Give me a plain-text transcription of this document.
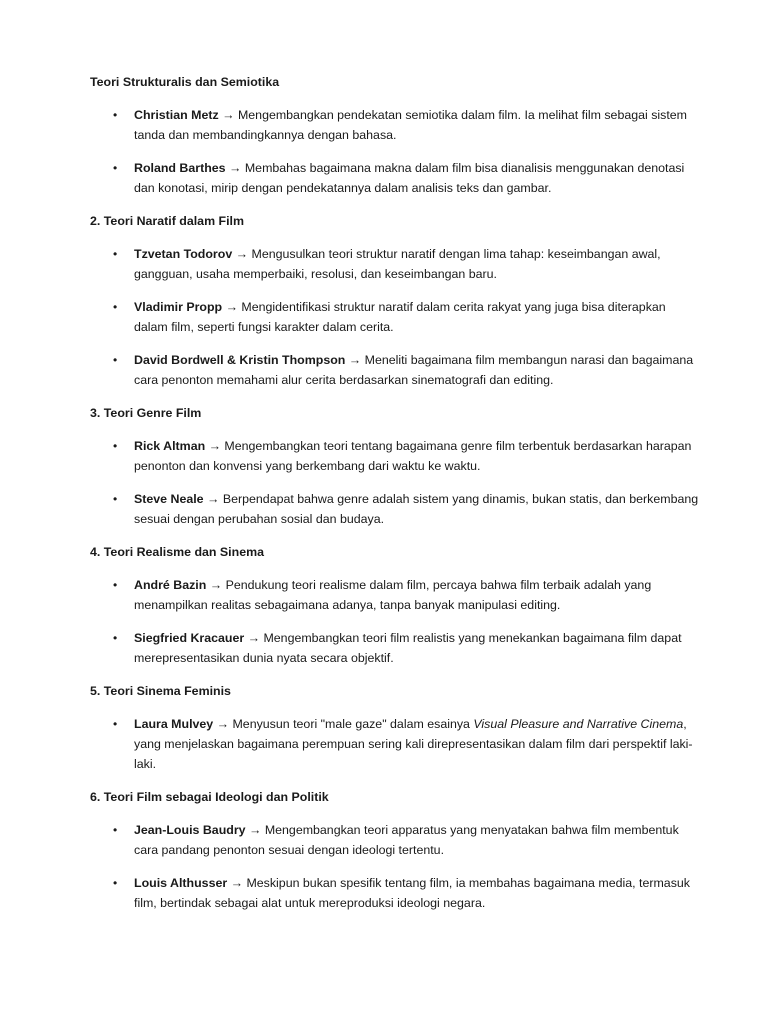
Teori Strukturalis dan Semiotika

• Christian Metz → Mengembangkan pendekatan semiotika dalam film. Ia melihat film sebagai sistem tanda dan membandingkannya dengan bahasa.
• Roland Barthes → Membahas bagaimana makna dalam film bisa dianalisis menggunakan denotasi dan konotasi, mirip dengan pendekatannya dalam analisis teks dan gambar.

2. Teori Naratif dalam Film

• Tzvetan Todorov → Mengusulkan teori struktur naratif dengan lima tahap: keseimbangan awal, gangguan, usaha memperbaiki, resolusi, dan keseimbangan baru.
• Vladimir Propp → Mengidentifikasi struktur naratif dalam cerita rakyat yang juga bisa diterapkan dalam film, seperti fungsi karakter dalam cerita.
• David Bordwell & Kristin Thompson → Meneliti bagaimana film membangun narasi dan bagaimana cara penonton memahami alur cerita berdasarkan sinematografi dan editing.

3. Teori Genre Film

• Rick Altman → Mengembangkan teori tentang bagaimana genre film terbentuk berdasarkan harapan penonton dan konvensi yang berkembang dari waktu ke waktu.
• Steve Neale → Berpendapat bahwa genre adalah sistem yang dinamis, bukan statis, dan berkembang sesuai dengan perubahan sosial dan budaya.

4. Teori Realisme dan Sinema

• André Bazin → Pendukung teori realisme dalam film, percaya bahwa film terbaik adalah yang menampilkan realitas sebagaimana adanya, tanpa banyak manipulasi editing.
• Siegfried Kracauer → Mengembangkan teori film realistis yang menekankan bagaimana film dapat merepresentasikan dunia nyata secara objektif.

5. Teori Sinema Feminis

• Laura Mulvey → Menyusun teori "male gaze" dalam esainya Visual Pleasure and Narrative Cinema, yang menjelaskan bagaimana perempuan sering kali direpresentasikan dalam film dari perspektif laki-laki.

6. Teori Film sebagai Ideologi dan Politik

• Jean-Louis Baudry → Mengembangkan teori apparatus yang menyatakan bahwa film membentuk cara pandang penonton sesuai dengan ideologi tertentu.
• Louis Althusser → Meskipun bukan spesifik tentang film, ia membahas bagaimana media, termasuk film, bertindak sebagai alat untuk mereproduksi ideologi negara.
